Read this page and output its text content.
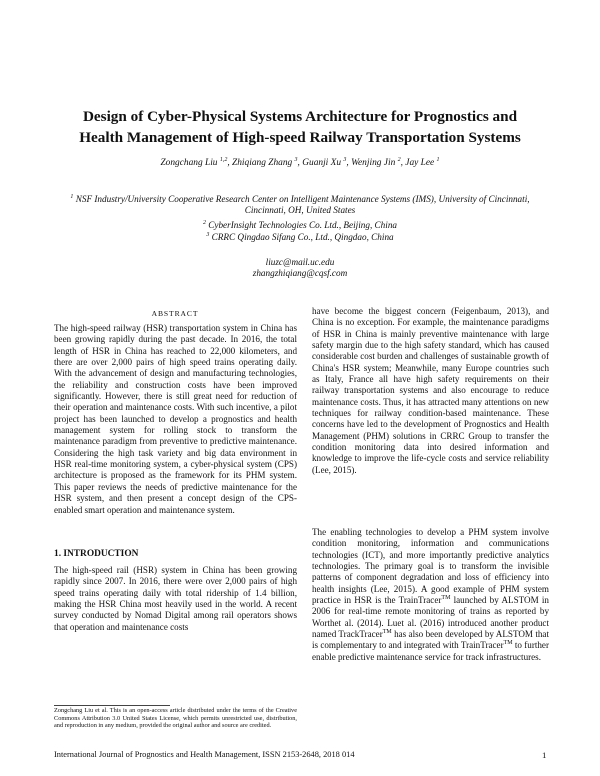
Design of Cyber-Physical Systems Architecture for Prognostics and
Health Management of High-speed Railway Transportation Systems
Zongchang Liu $^{1,2}$, Zhiqiang Zhang $^3$, Guanji Xu $^3$, Wenjing Jin $^2$, Jay Lee $^1$
$^1$ NSF Industry/University Cooperative Research Center on Intelligent Maintenance Systems (IMS), University of Cincinnati,
Cincinnati, OH, United States
$^2$ CyberInsight Technologies Co. Ltd., Beijing, China
$^3$ CRRC Qingdao Sifang Co., Ltd., Qingdao, China
liuzc@mail.uc.edu
zhangzhiqiang@cqsf.com
ABSTRACT

The high-speed railway (HSR) transportation system in China has been growing rapidly during the past decade. In 2016, the total length of HSR in China has reached to 22,000 kilometers, and there are over 2,000 pairs of high speed trains operating daily. With the advancement of design and manufacturing technologies, the reliability and construction costs have been improved significantly. However, there is still great need for reduction of their operation and maintenance costs. With such incentive, a pilot project has been launched to develop a prognostics and health management system for rolling stock to transform the maintenance paradigm from preventive to predictive maintenance. Considering the high task variety and big data environment in HSR real-time monitoring system, a cyber-physical system (CPS) architecture is proposed as the framework for its PHM system. This paper reviews the needs of predictive maintenance for the HSR system, and then present a concept design of the CPS-enabled smart operation and maintenance system.

1. INTRODUCTION

The high-speed rail (HSR) system in China has been growing rapidly since 2007. In 2016, there were over 2,000 pairs of high speed trains operating daily with total ridership of 1.4 billion, making the HSR China most heavily used in the world. A recent survey conducted by Nomad Digital among rail operators shows that operation and maintenance costs

Zongchang Liu et al. This is an open-access article distributed under the terms of the Creative Commons Attribution 3.0 United States License, which permits unrestricted use, distribution, and reproduction in any medium, provided the original author and source are credited.

have become the biggest concern (Feigenbaum, 2013), and China is no exception. For example, the maintenance paradigms of HSR in China is mainly preventive maintenance with large safety margin due to the high safety standard, which has caused considerable cost burden and challenges of sustainable growth of China's HSR system; Meanwhile, many Europe countries such as Italy, France all have high safety requirements on their railway transportation systems and also encourage to reduce maintenance costs. Thus, it has attracted many attentions on new techniques for railway condition-based maintenance. These concerns have led to the development of Prognostics and Health Management (PHM) solutions in CRRC Group to transfer the condition monitoring data into desired information and knowledge to improve the life-cycle costs and service reliability (Lee, 2015).

The enabling technologies to develop a PHM system involve condition monitoring, information and communications technologies (ICT), and more importantly predictive analytics technologies. The primary goal is to transform the invisible patterns of component degradation and loss of efficiency into health insights (Lee, 2015). A good example of PHM system practice in HSR is the TrainTracer™ launched by ALSTOM in 2006 for real-time remote monitoring of trains as reported by Worthet al. (2014). Luet al. (2016) introduced another product named TrackTracer™ has also been developed by ALSTOM that is complementary to and integrated with TrainTracer™ to further enable predictive maintenance service for track infrastructures.

International Journal of Prognostics and Health Management, ISSN 2153-2648, 2018 014	1
